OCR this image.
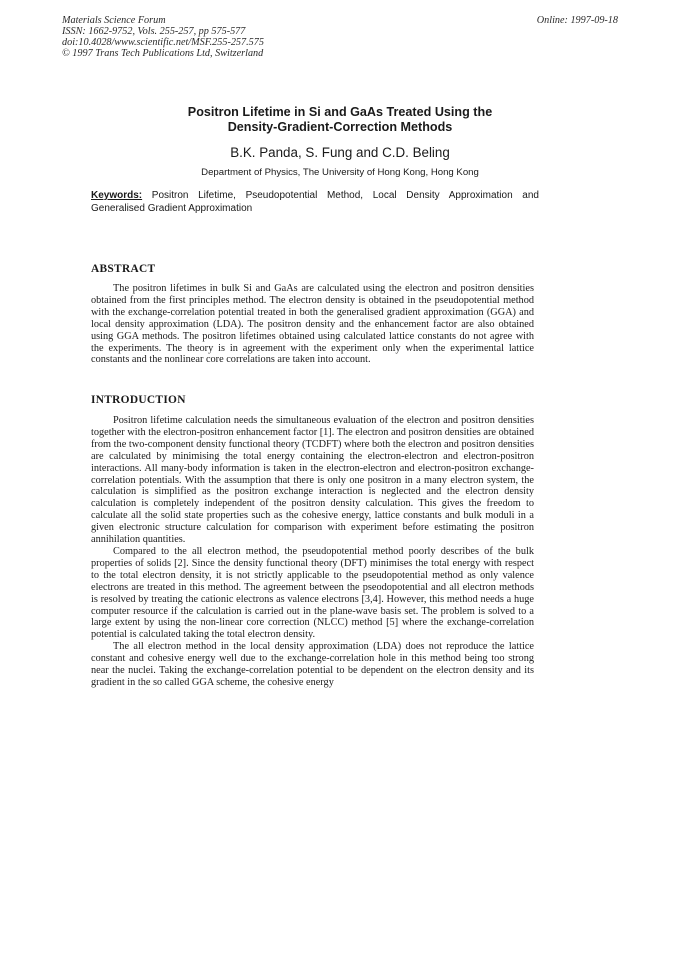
Materials Science Forum
ISSN: 1662-9752, Vols. 255-257, pp 575-577
doi:10.4028/www.scientific.net/MSF.255-257.575
© 1997 Trans Tech Publications Ltd, Switzerland
Online: 1997-09-18
Positron Lifetime in Si and GaAs Treated Using the
Density-Gradient-Correction Methods
B.K. Panda, S. Fung and C.D. Beling
Department of Physics, The University of Hong Kong, Hong Kong
Keywords: Positron Lifetime, Pseudopotential Method, Local Density Approximation and Generalised Gradient Approximation
ABSTRACT

The positron lifetimes in bulk Si and GaAs are calculated using the electron and positron densities obtained from the first principles method. The electron density is obtained in the pseudopotential method with the exchange-correlation potential treated in both the generalised gradient approximation (GGA) and local density approximation (LDA). The positron density and the enhancement factor are also obtained using GGA methods. The positron lifetimes obtained using calculated lattice constants do not agree with the experiments. The theory is in agreement with the experiment only when the experimental lattice constants and the nonlinear core correlations are taken into account.

INTRODUCTION

Positron lifetime calculation needs the simultaneous evaluation of the electron and positron densities together with the electron-positron enhancement factor [1]. The electron and positron densities are obtained from the two-component density functional theory (TCDFT) where both the electron and positron densities are calculated by minimising the total energy containing the electron-electron and electron-positron interactions. All many-body information is taken in the electron-electron and electron-positron exchange-correlation potentials. With the assumption that there is only one positron in a many electron system, the calculation is simplified as the positron exchange interaction is neglected and the electron density calculation is completely independent of the positron density calculation. This gives the freedom to calculate all the solid state properties such as the cohesive energy, lattice constants and bulk moduli in a given electronic structure calculation for comparison with experiment before estimating the positron annihilation quantities.

Compared to the all electron method, the pseudopotential method poorly describes of the bulk properties of solids [2]. Since the density functional theory (DFT) minimises the total energy with respect to the total electron density, it is not strictly applicable to the pseudopotential method as only valence electrons are treated in this method. The agreement between the pseodopotential and all electron methods is resolved by treating the cationic electrons as valence electrons [3,4]. However, this method needs a huge computer resource if the calculation is carried out in the plane-wave basis set. The problem is solved to a large extent by using the non-linear core correction (NLCC) method [5] where the exchange-correlation potential is calculated taking the total electron density.

The all electron method in the local density approximation (LDA) does not reproduce the lattice constant and cohesive energy well due to the exchange-correlation hole in this method being too strong near the nuclei. Taking the exchange-correlation potential to be dependent on the electron density and its gradient in the so called GGA scheme, the cohesive energy
